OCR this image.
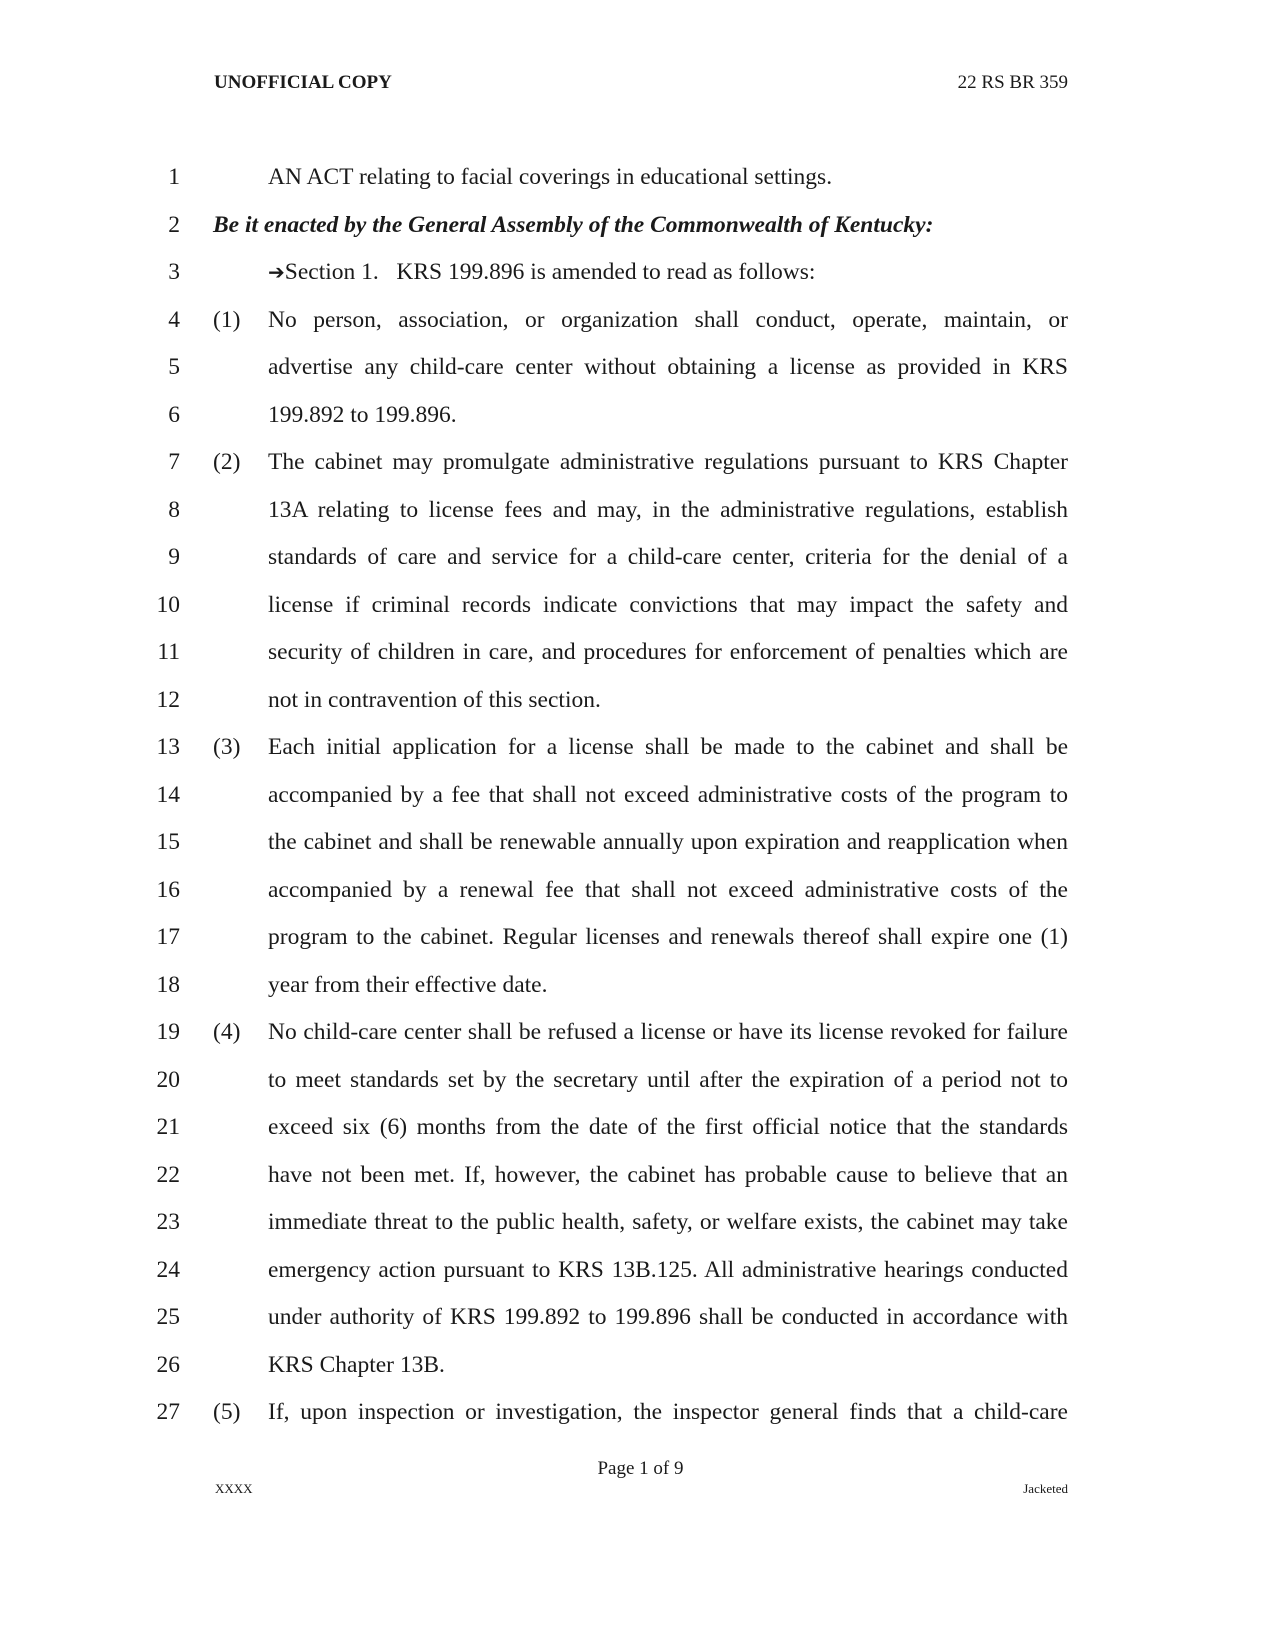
UNOFFICIAL COPY	22 RS BR 359
1	AN ACT relating to facial coverings in educational settings.
2 Be it enacted by the General Assembly of the Commonwealth of Kentucky:
3	➔Section 1.   KRS 199.896 is amended to read as follows:
4 (1) No person, association, or organization shall conduct, operate, maintain, or
5	advertise any child-care center without obtaining a license as provided in KRS
6	199.892 to 199.896.
7 (2) The cabinet may promulgate administrative regulations pursuant to KRS Chapter
8	13A relating to license fees and may, in the administrative regulations, establish
9	standards of care and service for a child-care center, criteria for the denial of a
10	license if criminal records indicate convictions that may impact the safety and
11	security of children in care, and procedures for enforcement of penalties which are
12	not in contravention of this section.
13 (3) Each initial application for a license shall be made to the cabinet and shall be
14	accompanied by a fee that shall not exceed administrative costs of the program to
15	the cabinet and shall be renewable annually upon expiration and reapplication when
16	accompanied by a renewal fee that shall not exceed administrative costs of the
17	program to the cabinet. Regular licenses and renewals thereof shall expire one (1)
18	year from their effective date.
19 (4) No child-care center shall be refused a license or have its license revoked for failure
20	to meet standards set by the secretary until after the expiration of a period not to
21	exceed six (6) months from the date of the first official notice that the standards
22	have not been met. If, however, the cabinet has probable cause to believe that an
23	immediate threat to the public health, safety, or welfare exists, the cabinet may take
24	emergency action pursuant to KRS 13B.125. All administrative hearings conducted
25	under authority of KRS 199.892 to 199.896 shall be conducted in accordance with
26	KRS Chapter 13B.
27 (5) If, upon inspection or investigation, the inspector general finds that a child-care
Page 1 of 9
XXXX	Jacketed
